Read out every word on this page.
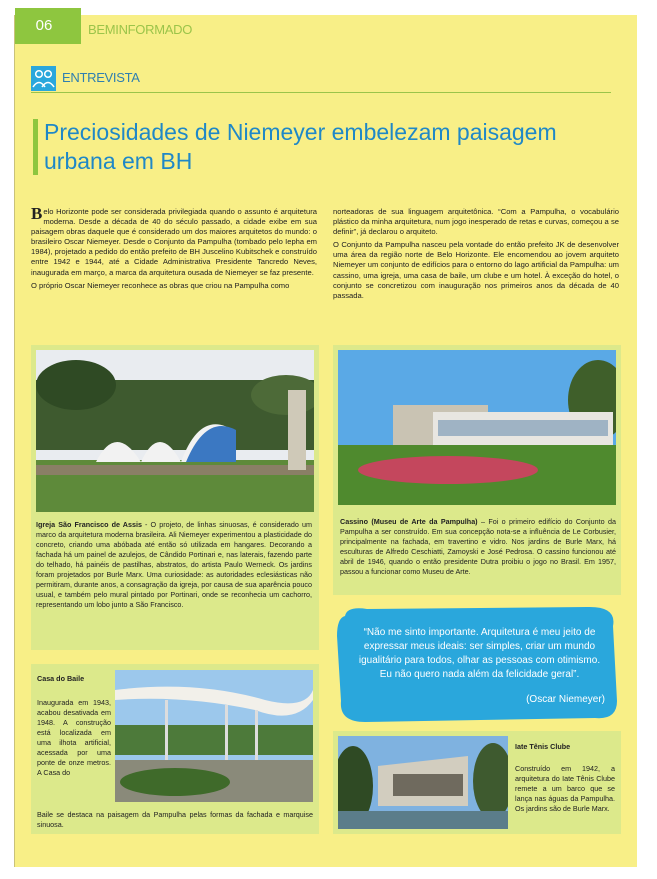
06	BEMINFORMADO
ENTREVISTA
Preciosidades de Niemeyer embelezam paisagem urbana em BH

Belo Horizonte pode ser considerada privilegiada quando o assunto é arquitetura moderna. Desde a década de 40 do século passado, a cidade exibe em sua paisagem obras daquele que é considerado um dos maiores arquitetos do mundo: o brasileiro Oscar Niemeyer. Desde o Conjunto da Pampulha (tombado pelo Iepha em 1984), projetado a pedido do então prefeito de BH Juscelino Kubitschek e construído entre 1942 e 1944, até a Cidade Administrativa Presidente Tancredo Neves, inaugurada em março, a marca da arquitetura ousada de Niemeyer se faz presente.

O próprio Oscar Niemeyer reconhece as obras que criou na Pampulha como

norteadoras de sua linguagem arquitetônica. “Com a Pampulha, o vocabulário plástico da minha arquitetura, num jogo inesperado de retas e curvas, começou a se definir”, já declarou o arquiteto.

O Conjunto da Pampulha nasceu pela vontade do então prefeito JK de desenvolver uma área da região norte de Belo Horizonte. Ele encomendou ao jovem arquiteto Niemeyer um conjunto de edifícios para o entorno do lago artificial da Pampulha: um cassino, uma igreja, uma casa de baile, um clube e um hotel. À exceção do hotel, o conjunto se concretizou com inauguração nos primeiros anos da década de 40 passada.

Igreja São Francisco de Assis - O projeto, de linhas sinuosas, é considerado um marco da arquitetura moderna brasileira. Ali Niemeyer experimentou a plasticidade do concreto, criando uma abóbada até então só utilizada em hangares. Decorando a fachada há um painel de azulejos, de Cândido Portinari e, nas laterais, fazendo parte do telhado, há painéis de pastilhas, abstratos, do artista Paulo Werneck. Os jardins foram projetados por Burle Marx. Uma curiosidade: as autoridades eclesiásticas não permitiram, durante anos, a consagração da igreja, por causa de sua aparência pouco usual, e também pelo mural pintado por Portinari, onde se reconhecia um cachorro, representando um lobo junto a São Francisco.
Cassino (Museu de Arte da Pampulha) – Foi o primeiro edifício do Conjunto da Pampulha a ser construído. Em sua concepção nota-se a influência de Le Corbusier, principalmente na fachada, em travertino e vidro. Nos jardins de Burle Marx, há esculturas de Alfredo Ceschiatti, Zamoyski e José Pedrosa. O cassino funcionou até abril de 1946, quando o então presidente Dutra proibiu o jogo no Brasil. Em 1957, passou a funcionar como Museu de Arte.
“Não me sinto importante. Arquitetura é meu jeito de expressar meus ideais: ser simples, criar um mundo igualitário para todos, olhar as pessoas com otimismo. Eu não quero nada além da felicidade geral”.
(Oscar Niemeyer)
Casa do Baile
Inaugurada em 1943, acabou desativada em 1948. A construção está localizada em uma ilhota artificial, acessada por uma ponte de onze metros. A Casa do
Baile se destaca na paisagem da Pampulha pelas formas da fachada e marquise sinuosa.
Iate Tênis Clube
Construído em 1942, a arquitetura do Iate Tênis Clube remete a um barco que se lança nas águas da Pampulha. Os jardins são de Burle Marx.
